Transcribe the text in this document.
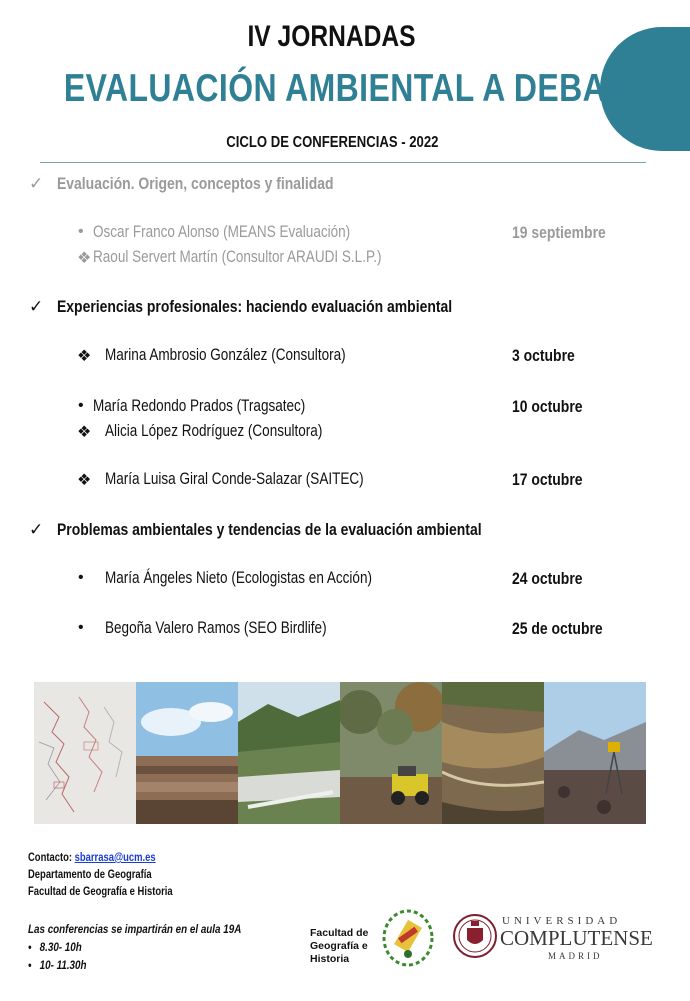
IV JORNADAS
EVALUACIÓN AMBIENTAL A DEBATE
CICLO DE CONFERENCIAS - 2022
✓ Evaluación. Origen, conceptos y finalidad
• Oscar Franco Alonso (MEANS Evaluación)	19 septiembre
❖ Raoul Servert Martín (Consultor ARAUDI S.L.P.)
✓ Experiencias profesionales: haciendo evaluación ambiental
❖ Marina Ambrosio González (Consultora)	3 octubre
• María Redondo Prados (Tragsatec)	10 octubre
❖ Alicia López Rodríguez (Consultora)
❖ María Luisa Giral Conde-Salazar (SAITEC)	17 octubre
✓ Problemas ambientales y tendencias de la evaluación ambiental
• María Ángeles Nieto (Ecologistas en Acción)	24 octubre
• Begoña Valero Ramos (SEO Birdlife)	25 de octubre
Contacto: sbarrasa@ucm.es
Departamento de Geografía
Facultad de Geografía e Historia
Las conferencias se impartirán en el aula 19A
•   8.30- 10h
•   10- 11.30h
Facultad de
Geografía e
Historia
UNIVERSIDAD
COMPLUTENSE
MADRID
